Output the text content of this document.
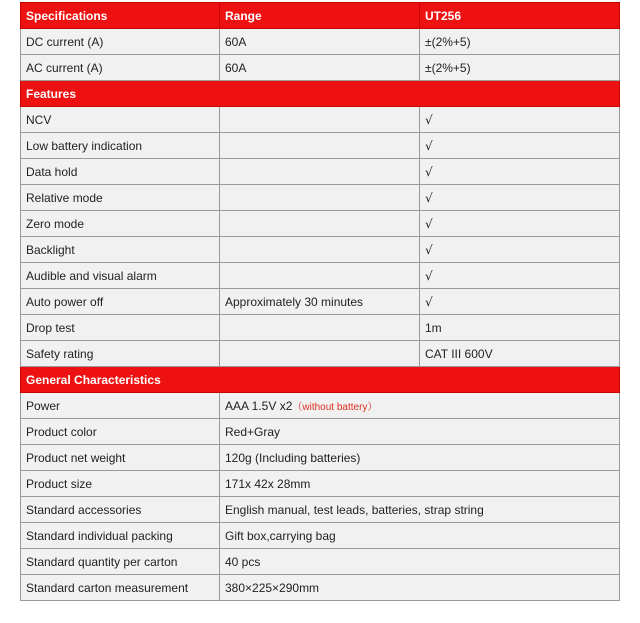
Specifications	Range	UT256
DC current (A)	60A	±(2%+5)
AC current (A)	60A	±(2%+5)
Features		
NCV		√
Low battery indication		√
Data hold		√
Relative mode		√
Zero mode		√
Backlight		√
Audible and visual alarm		√
Auto power off	Approximately 30 minutes	√
Drop test		1m
Safety rating		CAT III 600V
General Characteristics		
Power	AAA 1.5V x2（without battery）	
Product color	Red+Gray	
Product net weight	120g (Including batteries)	
Product size	171x 42x 28mm	
Standard accessories	English manual, test leads, batteries, strap string	
Standard individual packing	Gift box,carrying bag	
Standard quantity per carton	40 pcs	
Standard carton measurement	380×225×290mm	
